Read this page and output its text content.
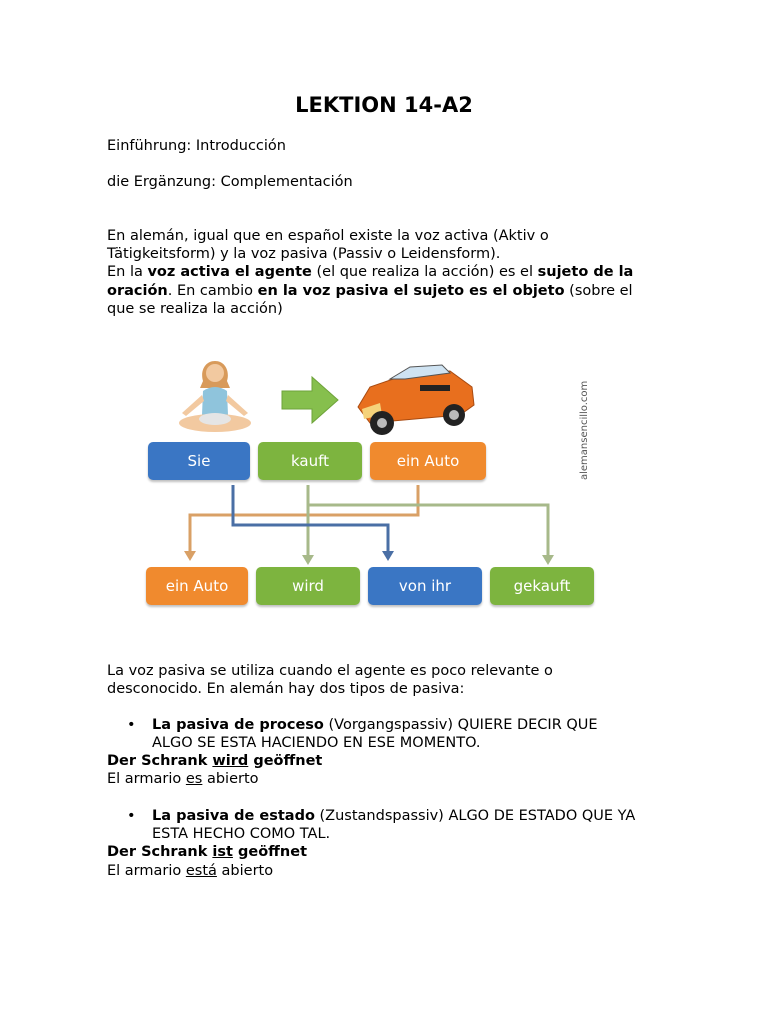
LEKTION 14-A2
Einführung: Introducción
die Ergänzung: Complementación
En alemán, igual que en español existe la voz activa (Aktiv o
Tätigkeitsform) y la voz pasiva (Passiv o Leidensform).
En la voz activa el agente (el que realiza la acción) es el sujeto de la
oración. En cambio en la voz pasiva el sujeto es el objeto (sobre el
que se realiza la acción)
alemansencillo.com
Sie	kauft	ein Auto
ein Auto	wird	von ihr	gekauft
La voz pasiva se utiliza cuando el agente es poco relevante o
desconocido. En alemán hay dos tipos de pasiva:
• La pasiva de proceso (Vorgangspassiv) QUIERE DECIR QUE
ALGO SE ESTA HACIENDO EN ESE MOMENTO.
Der Schrank wird geöffnet
El armario es abierto
• La pasiva de estado (Zustandspassiv) ALGO DE ESTADO QUE YA
ESTA HECHO COMO TAL.
Der Schrank ist geöffnet
El armario está abierto
